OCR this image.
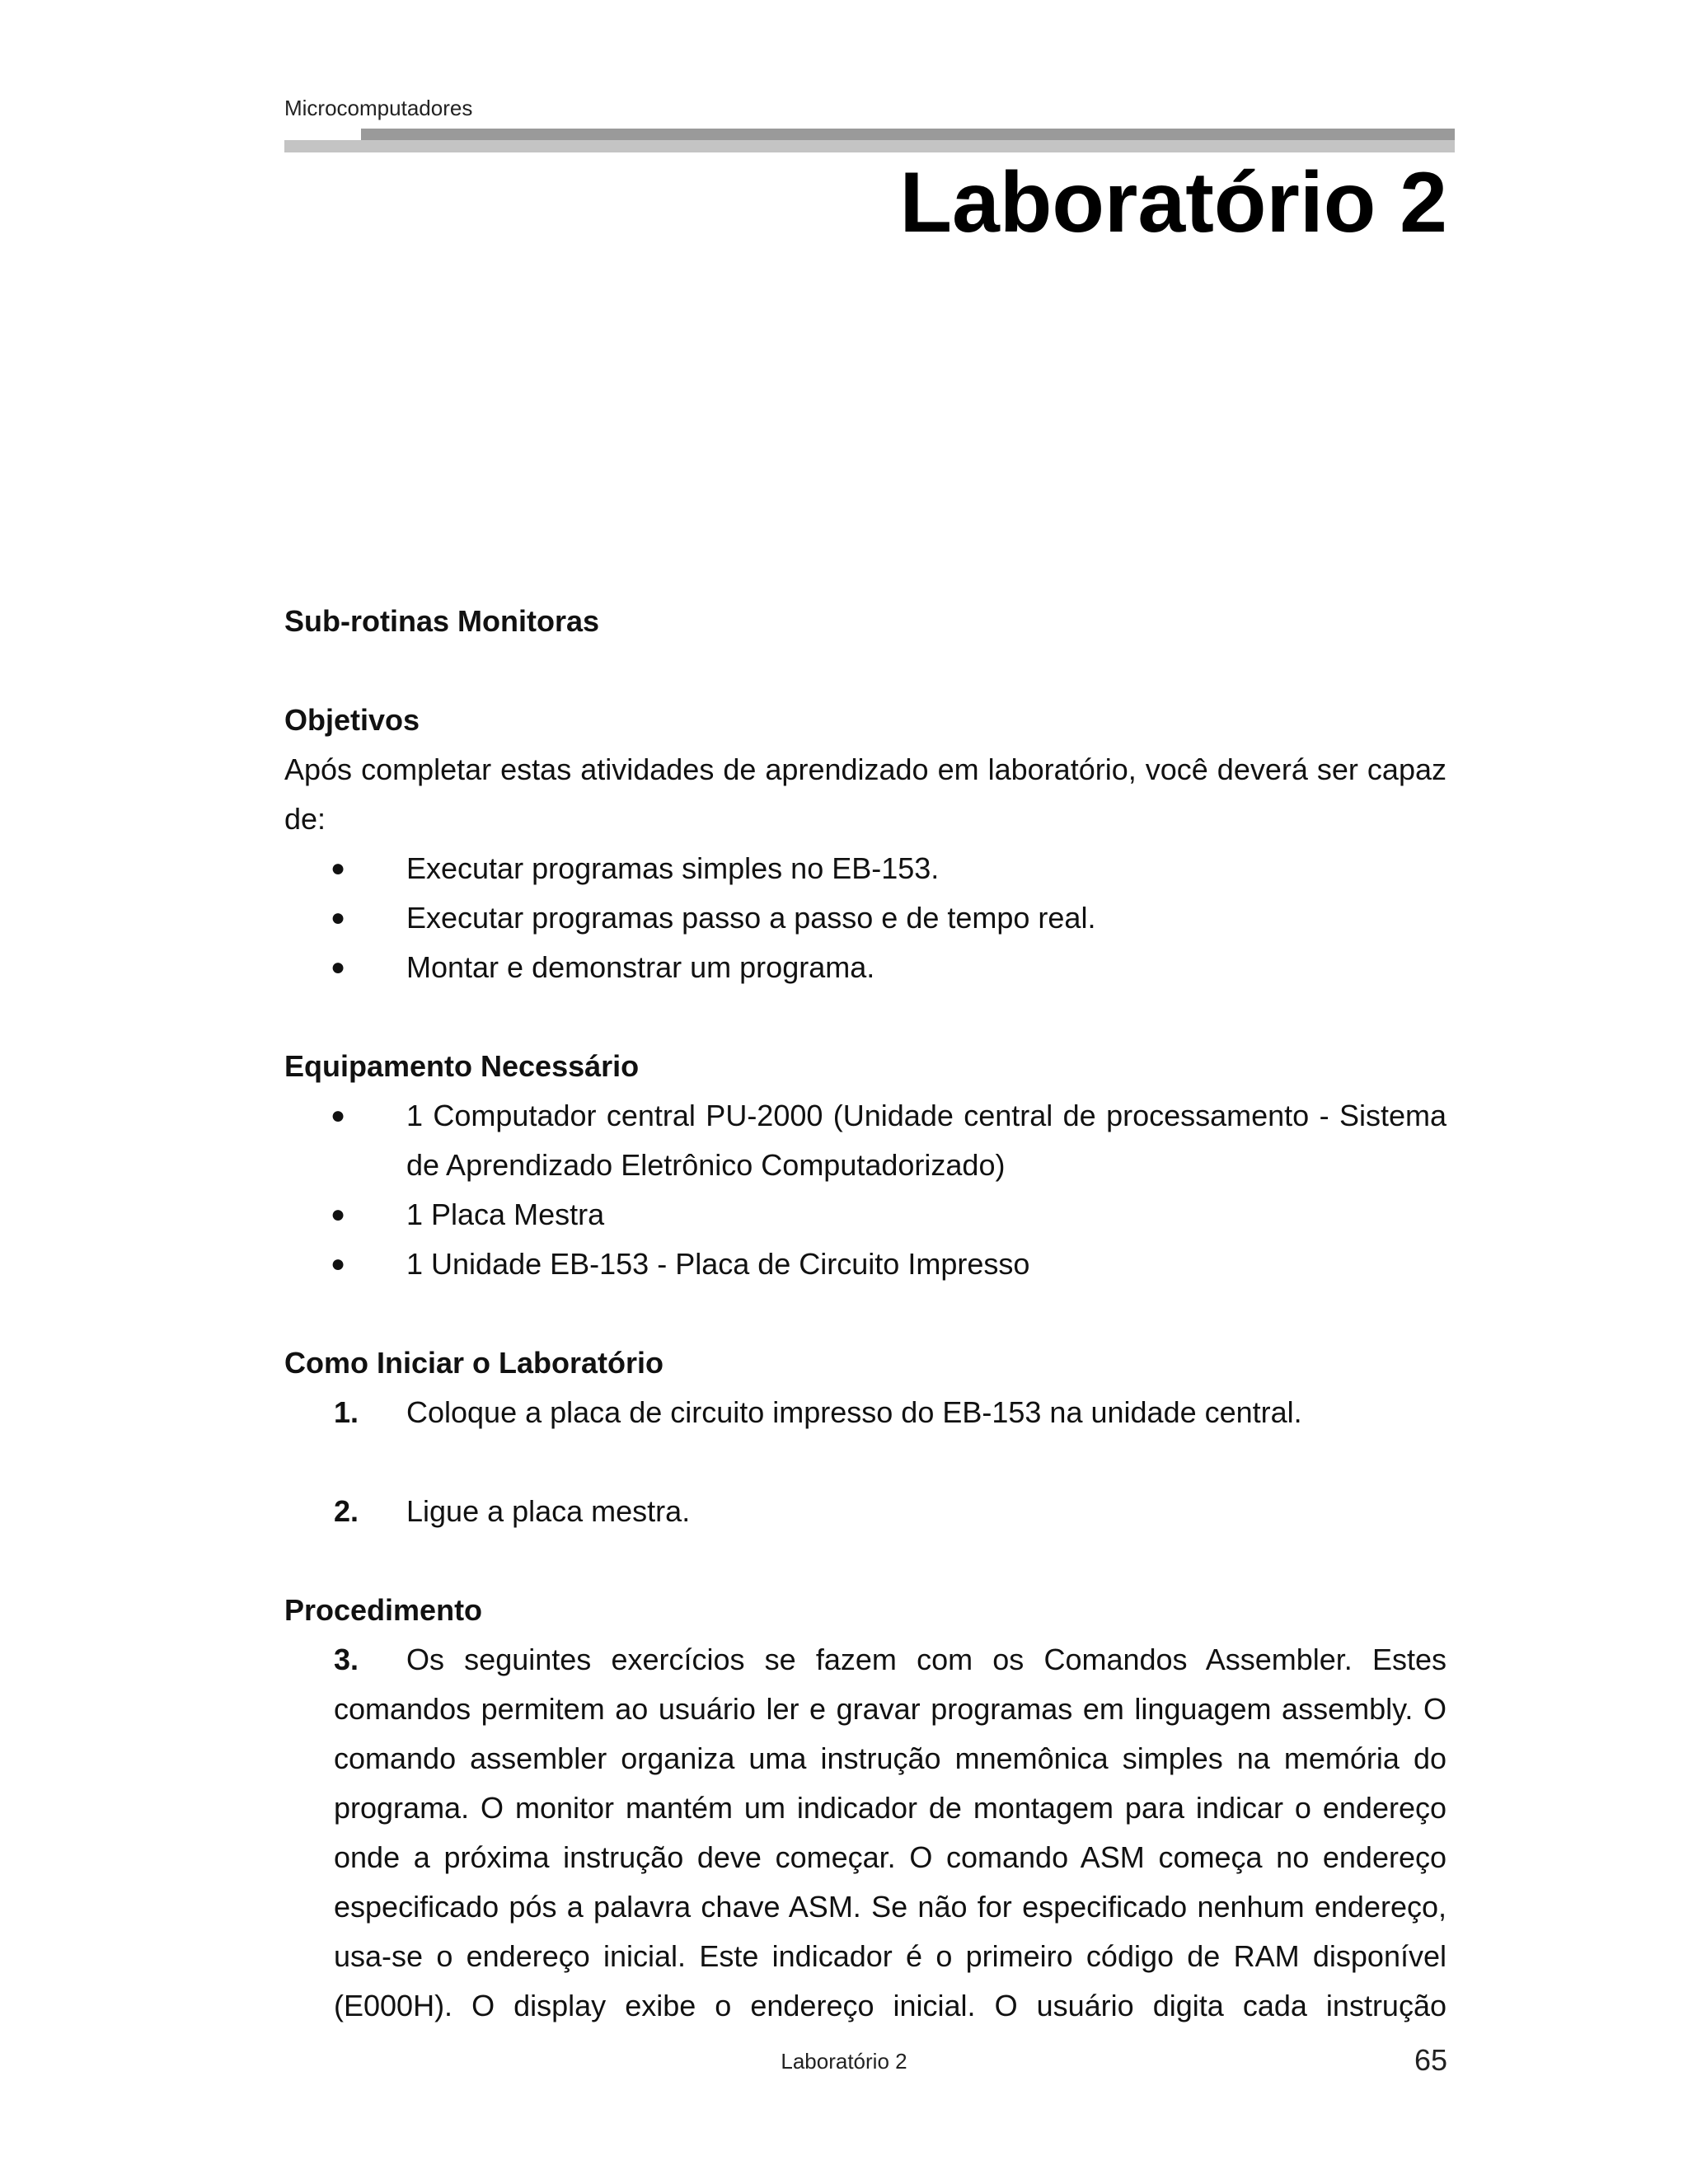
Microcomputadores
Laboratório 2
Sub-rotinas Monitoras
Objetivos

Após completar estas atividades de aprendizado em laboratório, você deverá ser capaz de:

● Executar programas simples no EB-153.
● Executar programas passo a passo e de tempo real.
● Montar e demonstrar um programa.
Equipamento Necessário
● 1 Computador central PU-2000 (Unidade central de processamento - Sistema de Aprendizado Eletrônico Computadorizado)
● 1 Placa Mestra
● 1 Unidade EB-153 - Placa de Circuito Impresso
Como Iniciar o Laboratório
1. Coloque a placa de circuito impresso do EB-153 na unidade central.
2. Ligue a placa mestra.
Procedimento

3. Os seguintes exercícios se fazem com os Comandos Assembler. Estes comandos permitem ao usuário ler e gravar programas em linguagem assembly. O comando assembler organiza uma instrução mnemônica simples na memória do programa. O monitor mantém um indicador de montagem para indicar o endereço onde a próxima instrução deve começar. O comando ASM começa no endereço especificado pós a palavra chave ASM. Se não for especificado nenhum endereço, usa-se o endereço inicial. Este indicador é o primeiro código de RAM disponível (E000H). O display exibe o endereço inicial. O usuário digita cada instrução

Laboratório 2	65
